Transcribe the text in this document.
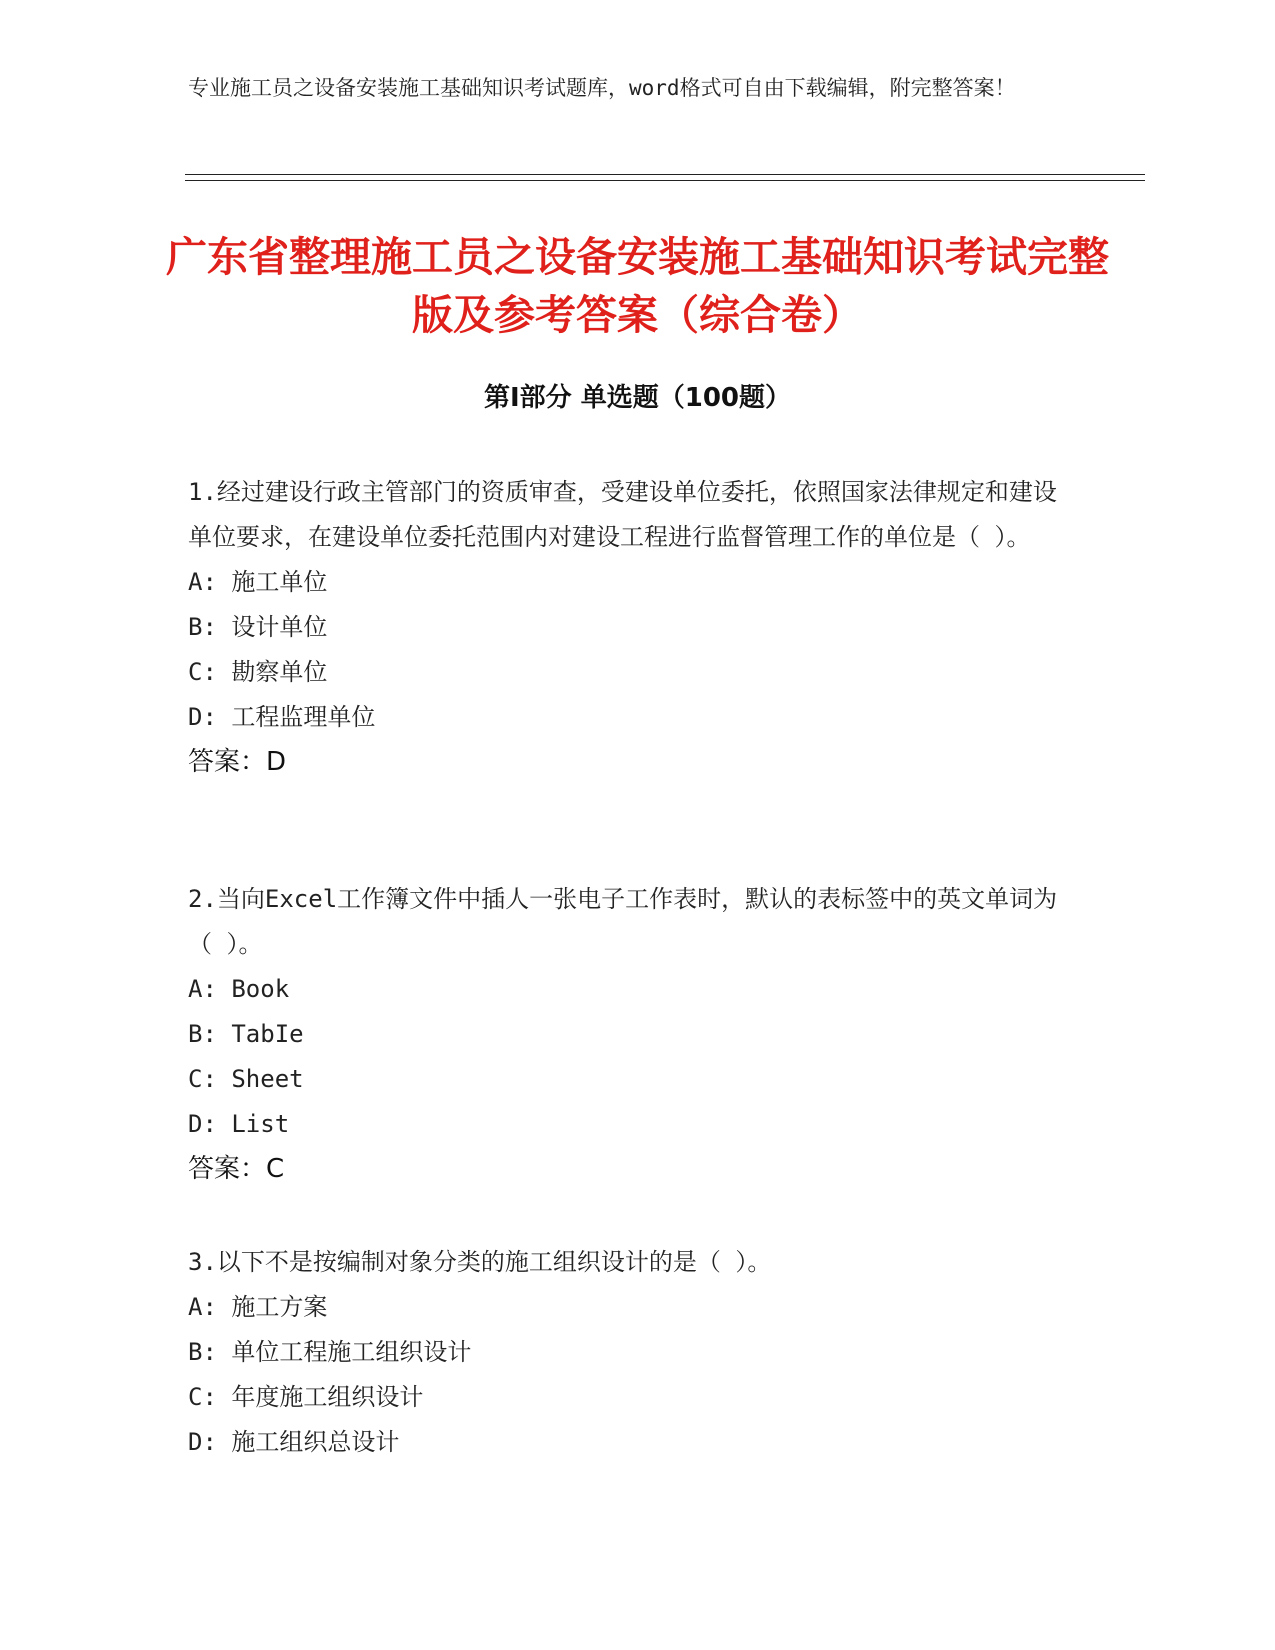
专业施工员之设备安装施工基础知识考试题库，word格式可自由下载编辑，附完整答案！
广东省整理施工员之设备安装施工基础知识考试完整版及参考答案（综合卷）
第Ⅰ部分 单选题（100题）
1.经过建设行政主管部门的资质审查，受建设单位委托，依照国家法律规定和建设单位要求，在建设单位委托范围内对建设工程进行监督管理工作的单位是（ ）。
A: 施工单位
B: 设计单位
C: 勘察单位
D: 工程监理单位
答案：D
2.当向Excel工作簿文件中插人一张电子工作表时，默认的表标签中的英文单词为（ ）。
A: Book
B: TabIe
C: Sheet
D: List
答案：C
3.以下不是按编制对象分类的施工组织设计的是（ ）。
A: 施工方案
B: 单位工程施工组织设计
C: 年度施工组织设计
D: 施工组织总设计
